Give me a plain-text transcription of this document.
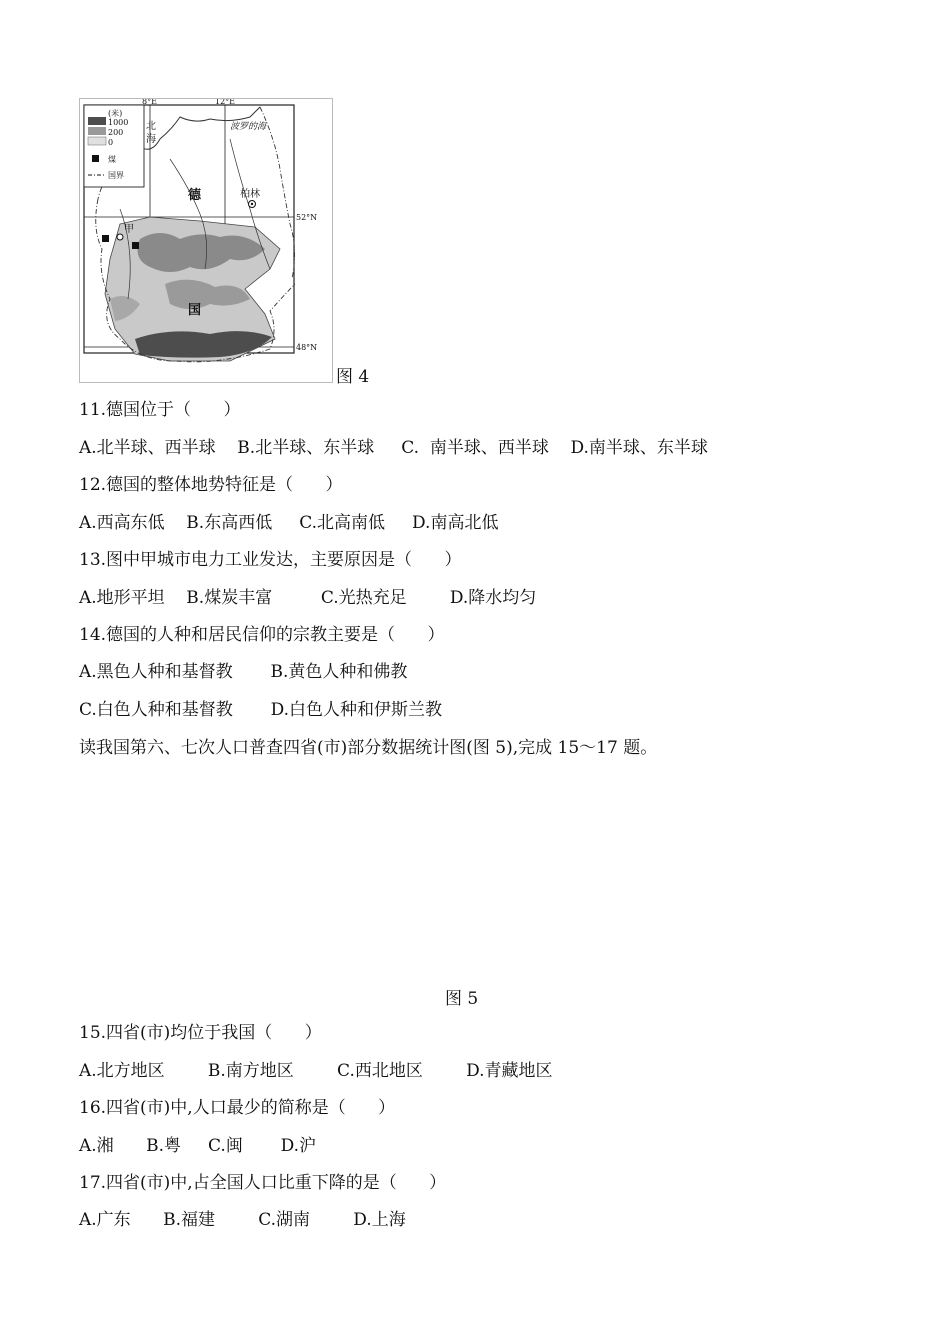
(米)
1000
200
0
煤
国界
8°E	12°E
52°N
48°N
北海
波罗的海
德
国
柏林
甲
图 4
11.德国位于（      ）
A.北半球、西半球    B.北半球、东半球     C.  南半球、西半球    D.南半球、东半球
12.德国的整体地势特征是（      ）
A.西高东低    B.东高西低     C.北高南低     D.南高北低
13.图中甲城市电力工业发达，主要原因是（      ）
A.地形平坦    B.煤炭丰富         C.光热充足        D.降水均匀
14.德国的人种和居民信仰的宗教主要是（      ）
A.黑色人种和基督教       B.黄色人种和佛教
C.白色人种和基督教       D.白色人种和伊斯兰教
读我国第六、七次人口普查四省(市)部分数据统计图(图 5),完成 15～17 题。
图 5
15.四省(市)均位于我国（      ）
A.北方地区        B.南方地区        C.西北地区        D.青藏地区
16.四省(市)中,人口最少的简称是（      ）
A.湘      B.粤     C.闽       D.沪
17.四省(市)中,占全国人口比重下降的是（      ）
A.广东      B.福建        C.湖南        D.上海
